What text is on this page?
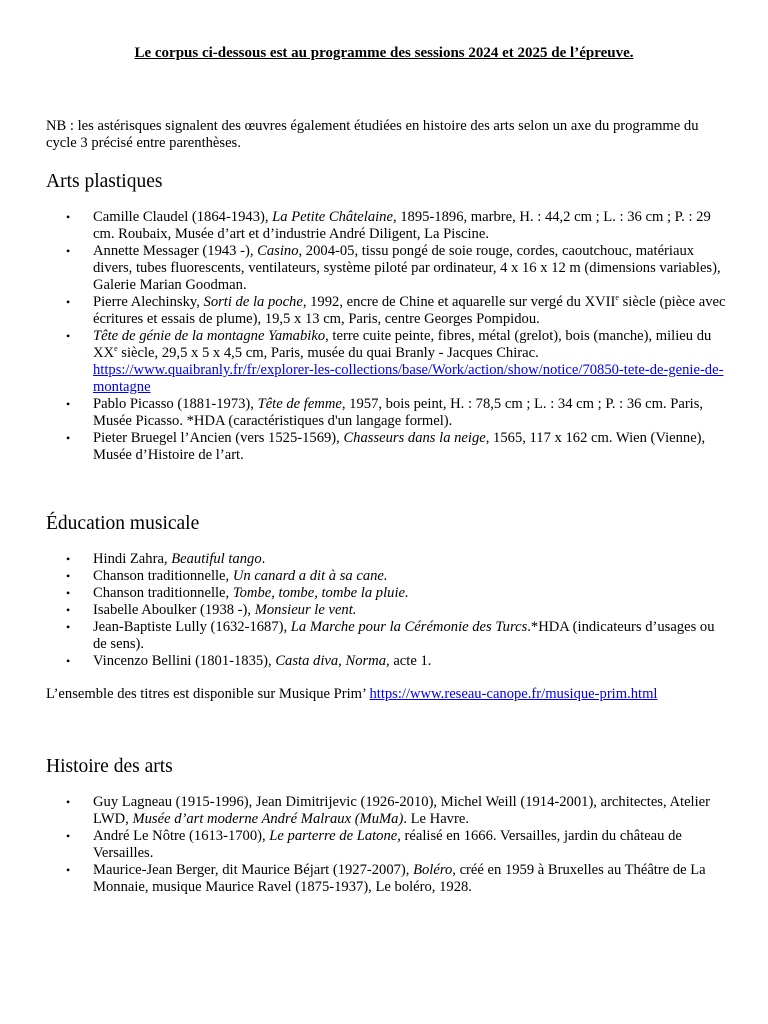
Le corpus ci-dessous est au programme des sessions 2024 et 2025 de l’épreuve.
NB : les astérisques signalent des œuvres également étudiées en histoire des arts selon un axe du programme du cycle 3 précisé entre parenthèses.
Arts plastiques
• Camille Claudel (1864-1943), La Petite Châtelaine, 1895-1896, marbre, H. : 44,2 cm ; L. : 36 cm ; P. : 29 cm. Roubaix, Musée d’art et d’industrie André Diligent, La Piscine.
• Annette Messager (1943 -), Casino, 2004-05, tissu pongé de soie rouge, cordes, caoutchouc, matériaux divers, tubes fluorescents, ventilateurs, système piloté par ordinateur, 4 x 16 x 12 m (dimensions variables), Galerie Marian Goodman.
• Pierre Alechinsky, Sorti de la poche, 1992, encre de Chine et aquarelle sur vergé du XVIIe siècle (pièce avec écritures et essais de plume), 19,5 x 13 cm, Paris, centre Georges Pompidou.
• Tête de génie de la montagne Yamabiko, terre cuite peinte, fibres, métal (grelot), bois (manche), milieu du XXe siècle, 29,5 x 5 x 4,5 cm, Paris, musée du quai Branly - Jacques Chirac. https://www.quaibranly.fr/fr/explorer-les-collections/base/Work/action/show/notice/70850-tete-de-genie-de-montagne
• Pablo Picasso (1881-1973), Tête de femme, 1957, bois peint, H. : 78,5 cm ; L. : 34 cm ; P. : 36 cm. Paris, Musée Picasso. *HDA (caractéristiques d'un langage formel).
• Pieter Bruegel l’Ancien (vers 1525-1569), Chasseurs dans la neige, 1565, 117 x 162 cm. Wien (Vienne), Musée d’Histoire de l’art.
Éducation musicale
• Hindi Zahra, Beautiful tango.
• Chanson traditionnelle, Un canard a dit à sa cane.
• Chanson traditionnelle, Tombe, tombe, tombe la pluie.
• Isabelle Aboulker (1938 -), Monsieur le vent.
• Jean-Baptiste Lully (1632-1687), La Marche pour la Cérémonie des Turcs.*HDA (indicateurs d’usages ou de sens).
• Vincenzo Bellini (1801-1835), Casta diva, Norma, acte 1.
L’ensemble des titres est disponible sur Musique Prim’ https://www.reseau-canope.fr/musique-prim.html
Histoire des arts
• Guy Lagneau (1915-1996), Jean Dimitrijevic (1926-2010), Michel Weill (1914-2001), architectes, Atelier LWD, Musée d’art moderne André Malraux (MuMa). Le Havre.
• André Le Nôtre (1613-1700), Le parterre de Latone, réalisé en 1666. Versailles, jardin du château de Versailles.
• Maurice-Jean Berger, dit Maurice Béjart (1927-2007), Boléro, créé en 1959 à Bruxelles au Théâtre de La Monnaie, musique Maurice Ravel (1875-1937), Le boléro, 1928.
